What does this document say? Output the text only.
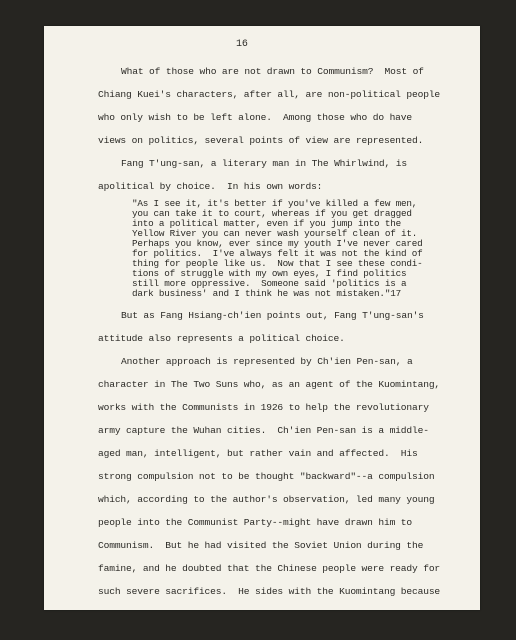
16
What of those who are not drawn to Communism?  Most of
Chiang Kuei's characters, after all, are non-political people
who only wish to be left alone.  Among those who do have
views on politics, several points of view are represented.
Fang T'ung-san, a literary man in The Whirlwind, is
apolitical by choice.  In his own words:
"As I see it, it's better if you've killed a few men,
you can take it to court, whereas if you get dragged
into a political matter, even if you jump into the
Yellow River you can never wash yourself clean of it.
Perhaps you know, ever since my youth I've never cared
for politics.  I've always felt it was not the kind of
thing for people like us.  Now that I see these condi-
tions of struggle with my own eyes, I find politics
still more oppressive.  Someone said 'politics is a
dark business' and I think he was not mistaken."17
But as Fang Hsiang-ch'ien points out, Fang T'ung-san's
attitude also represents a political choice.
Another approach is represented by Ch'ien Pen-san, a
character in The Two Suns who, as an agent of the Kuomintang,
works with the Communists in 1926 to help the revolutionary
army capture the Wuhan cities.  Ch'ien Pen-san is a middle-
aged man, intelligent, but rather vain and affected.  His
strong compulsion not to be thought "backward"--a compulsion
which, according to the author's observation, led many young
people into the Communist Party--might have drawn him to
Communism.  But he had visited the Soviet Union during the
famine, and he doubted that the Chinese people were ready for
such severe sacrifices.  He sides with the Kuomintang because
